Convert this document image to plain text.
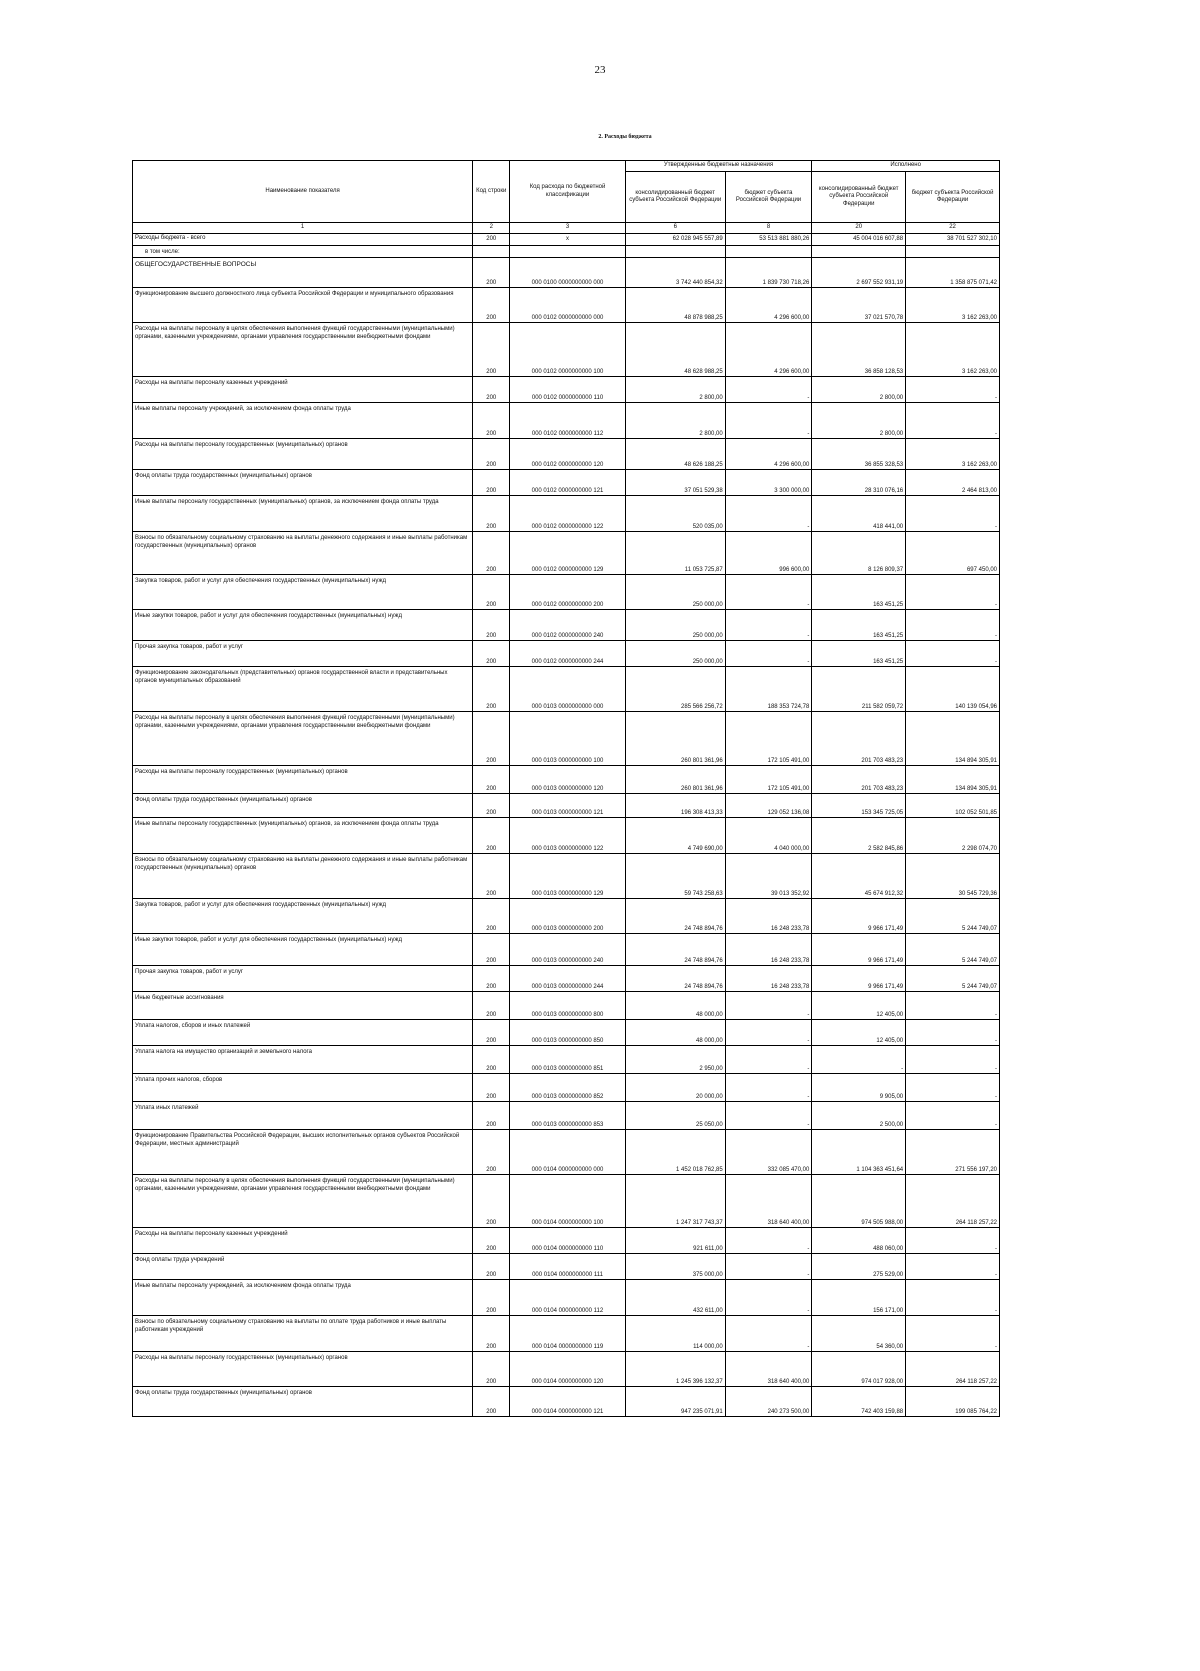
23
2. Расходы бюджета
Наименование показателя	Код строки	Код расхода по бюджетной классификации	Утвержденные бюджетные назначения		Исполнено	
			консолидированный бюджет субъекта Российской Федерации	бюджет субъекта Российской Федерации	консолидированный бюджет субъекта Российской Федерации	бюджет субъекта Российской Федерации
1	2	3	6	8	20	22
Расходы бюджета - всего	200	x	62 028 945 557,89	53 513 881 880,26	45 004 016 607,88	38 701 527 302,10
в том числе:						
ОБЩЕГОСУДАРСТВЕННЫЕ ВОПРОСЫ	200	000 0100 0000000000 000	3 742 440 854,32	1 839 730 718,26	2 697 552 931,19	1 358 875 071,42
Функционирование высшего должностного лица субъекта Российской Федерации и муниципального образования	200	000 0102 0000000000 000	48 878 988,25	4 296 600,00	37 021 570,78	3 162 263,00
Расходы на выплаты персоналу в целях обеспечения выполнения функций государственными (муниципальными) органами, казенными учреждениями, органами управления государственными внебюджетными фондами	200	000 0102 0000000000 100	48 628 988,25	4 296 600,00	36 858 128,53	3 162 263,00
Расходы на выплаты персоналу казенных учреждений	200	000 0102 0000000000 110	2 800,00	-	2 800,00	-
Иные выплаты персоналу учреждений, за исключением фонда оплаты труда	200	000 0102 0000000000 112	2 800,00	-	2 800,00	-
Расходы на выплаты персоналу государственных (муниципальных) органов	200	000 0102 0000000000 120	48 626 188,25	4 296 600,00	36 855 328,53	3 162 263,00
Фонд оплаты труда государственных (муниципальных) органов	200	000 0102 0000000000 121	37 051 529,38	3 300 000,00	28 310 076,16	2 464 813,00
Иные выплаты персоналу государственных (муниципальных) органов, за исключением фонда оплаты труда	200	000 0102 0000000000 122	520 035,00	-	418 441,00	-
Взносы по обязательному социальному страхованию на выплаты денежного содержания и иные выплаты работникам государственных (муниципальных) органов	200	000 0102 0000000000 129	11 053 725,87	996 600,00	8 126 809,37	697 450,00
Закупка товаров, работ и услуг для обеспечения государственных (муниципальных) нужд	200	000 0102 0000000000 200	250 000,00	-	163 451,25	-
Иные закупки товаров, работ и услуг для обеспечения государственных (муниципальных) нужд	200	000 0102 0000000000 240	250 000,00	-	163 451,25	-
Прочая закупка товаров, работ и услуг	200	000 0102 0000000000 244	250 000,00	-	163 451,25	-
Функционирование законодательных (представительных) органов государственной власти и представительных органов муниципальных образований	200	000 0103 0000000000 000	285 566 256,72	188 353 724,78	211 582 059,72	140 139 054,96
Расходы на выплаты персоналу в целях обеспечения выполнения функций государственными (муниципальными) органами, казенными учреждениями, органами управления государственными внебюджетными фондами	200	000 0103 0000000000 100	260 801 361,96	172 105 491,00	201 703 483,23	134 894 305,91
Расходы на выплаты персоналу государственных (муниципальных) органов	200	000 0103 0000000000 120	260 801 361,96	172 105 491,00	201 703 483,23	134 894 305,91
Фонд оплаты труда государственных (муниципальных) органов	200	000 0103 0000000000 121	196 308 413,33	129 052 136,08	153 345 725,05	102 052 501,85
Иные выплаты персоналу государственных (муниципальных) органов, за исключением фонда оплаты труда	200	000 0103 0000000000 122	4 749 690,00	4 040 000,00	2 582 845,86	2 298 074,70
Взносы по обязательному социальному страхованию на выплаты денежного содержания и иные выплаты работникам государственных (муниципальных) органов	200	000 0103 0000000000 129	59 743 258,63	39 013 352,92	45 674 912,32	30 545 729,36
Закупка товаров, работ и услуг для обеспечения государственных (муниципальных) нужд	200	000 0103 0000000000 200	24 748 894,76	16 248 233,78	9 966 171,49	5 244 749,07
Иные закупки товаров, работ и услуг для обеспечения государственных (муниципальных) нужд	200	000 0103 0000000000 240	24 748 894,76	16 248 233,78	9 966 171,49	5 244 749,07
Прочая закупка товаров, работ и услуг	200	000 0103 0000000000 244	24 748 894,76	16 248 233,78	9 966 171,49	5 244 749,07
Иные бюджетные ассигнования	200	000 0103 0000000000 800	48 000,00	-	12 405,00	-
Уплата налогов, сборов и иных платежей	200	000 0103 0000000000 850	48 000,00	-	12 405,00	-
Уплата налога на имущество организаций и земельного налога	200	000 0103 0000000000 851	2 950,00	-	-	-
Уплата прочих налогов, сборов	200	000 0103 0000000000 852	20 000,00	-	9 905,00	-
Уплата иных платежей	200	000 0103 0000000000 853	25 050,00	-	2 500,00	-
Функционирование Правительства Российской Федерации, высших исполнительных органов субъектов Российской Федерации, местных администраций	200	000 0104 0000000000 000	1 452 018 762,85	332 085 470,00	1 104 363 451,64	271 556 197,20
Расходы на выплаты персоналу в целях обеспечения выполнения функций государственными (муниципальными) органами, казенными учреждениями, органами управления государственными внебюджетными фондами	200	000 0104 0000000000 100	1 247 317 743,37	318 640 400,00	974 505 988,00	264 118 257,22
Расходы на выплаты персоналу казенных учреждений	200	000 0104 0000000000 110	921 611,00	-	488 060,00	-
Фонд оплаты труда учреждений	200	000 0104 0000000000 111	375 000,00	-	275 529,00	-
Иные выплаты персоналу учреждений, за исключением фонда оплаты труда	200	000 0104 0000000000 112	432 611,00	-	156 171,00	-
Взносы по обязательному социальному страхованию на выплаты по оплате труда работников и иные выплаты работникам учреждений	200	000 0104 0000000000 119	114 000,00	-	54 360,00	-
Расходы на выплаты персоналу государственных (муниципальных) органов	200	000 0104 0000000000 120	1 245 396 132,37	318 640 400,00	974 017 928,00	264 118 257,22
Фонд оплаты труда государственных (муниципальных) органов	200	000 0104 0000000000 121	947 235 071,91	240 273 500,00	742 403 159,88	199 085 764,22
